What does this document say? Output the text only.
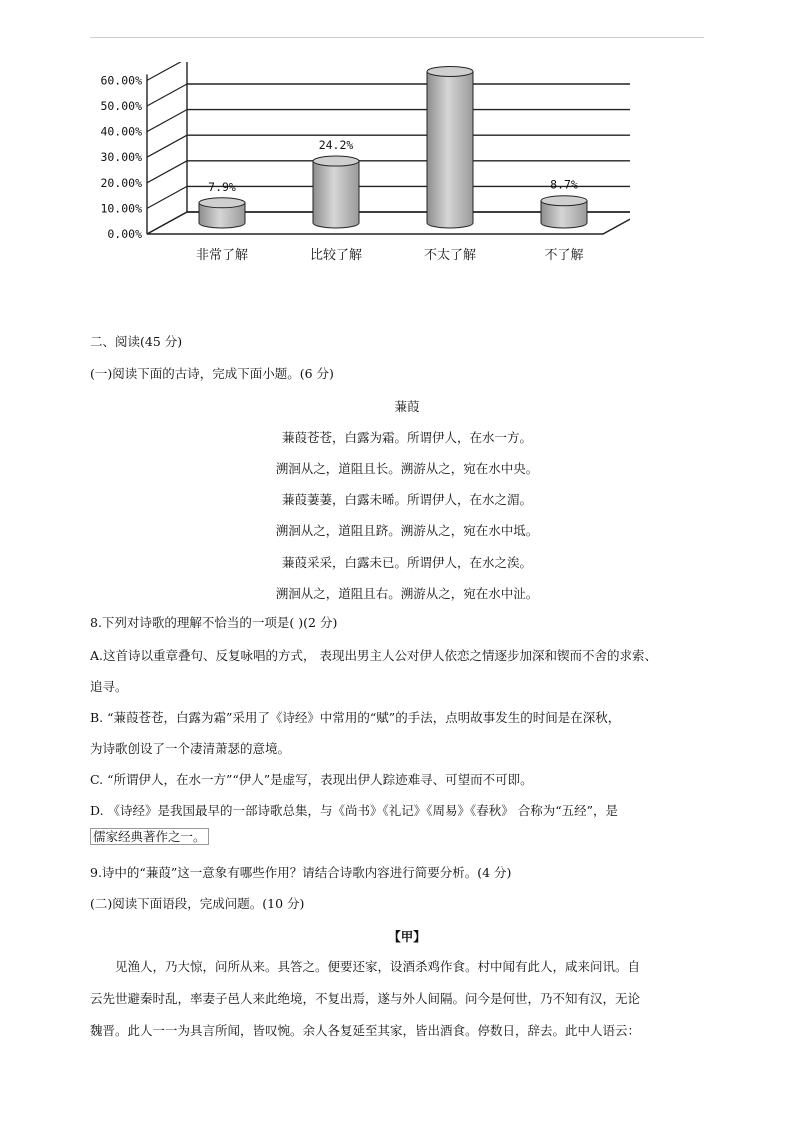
0.00%
10.00%
20.00%
30.00%
40.00%
50.00%
60.00%
7.9%
24.2%
8.7%
非常了解	比较了解	不太了解	不了解
二、阅读(45 分)
(一)阅读下面的古诗，完成下面小题。(6 分)
蒹葭
蒹葭苍苍，白露为霜。所谓伊人，在水一方。
溯洄从之，道阻且长。溯游从之，宛在水中央。
蒹葭萋萋，白露未晞。所谓伊人，在水之湄。
溯洄从之，道阻且跻。溯游从之，宛在水中坻。
蒹葭采采，白露未已。所谓伊人，在水之涘。
溯洄从之，道阻且右。溯游从之，宛在水中沚。
8.下列对诗歌的理解不恰当的一项是( )(2 分)
A.这首诗以重章叠句、反复咏唱的方式， 表现出男主人公对伊人依恋之情逐步加深和锲而不舍的求索、
追寻。
B. “蒹葭苍苍，白露为霜”采用了《诗经》中常用的“赋”的手法，点明故事发生的时间是在深秋，
为诗歌创设了一个凄清萧瑟的意境。
C. “所谓伊人，在水一方”“伊人”是虚写，表现出伊人踪迹难寻、可望而不可即。
D. 《诗经》是我国最早的一部诗歌总集，与《尚书》《礼记》《周易》《春秋》 合称为“五经”，是
儒家经典著作之一。
9.诗中的“蒹葭”这一意象有哪些作用？请结合诗歌内容进行简要分析。(4 分)
(二)阅读下面语段，完成问题。(10 分)
【甲】
见渔人，乃大惊，问所从来。具答之。便要还家，设酒杀鸡作食。村中闻有此人，咸来问讯。自
云先世避秦时乱，率妻子邑人来此绝境，不复出焉，遂与外人间隔。问今是何世，乃不知有汉，无论
魏晋。此人一一为具言所闻，皆叹惋。余人各复延至其家，皆出酒食。停数日，辞去。此中人语云：
